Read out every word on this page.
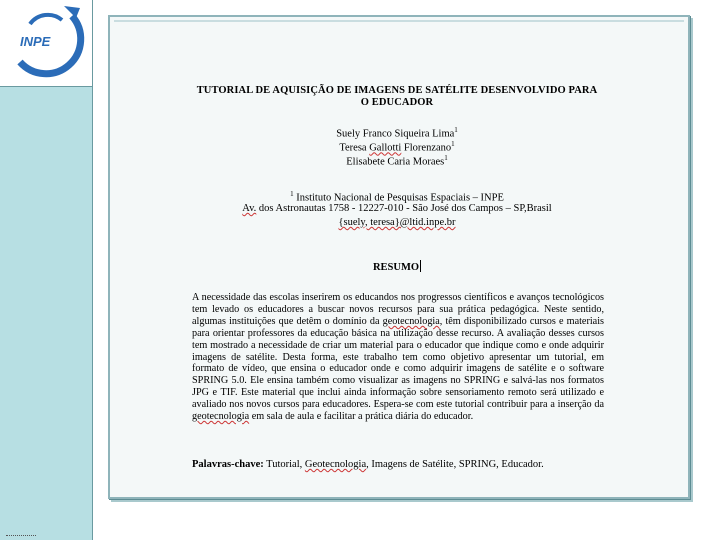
INPE
TUTORIAL DE AQUISIÇÃO DE IMAGENS DE SATÉLITE DESENVOLVIDO PARA O EDUCADOR
Suely Franco Siqueira Lima$^1$
Teresa Gallotti Florenzano$^1$
Elisabete Caria Moraes$^1$
$^1$ Instituto Nacional de Pesquisas Espaciais – INPE
Av. dos Astronautas 1758 - 12227-010 - São José dos Campos – SP,Brasil
{suely, teresa}@ltid.inpe.br
RESUMO

A necessidade das escolas inserirem os educandos nos progressos científicos e avanços tecnológicos tem levado os educadores a buscar novos recursos para sua prática pedagógica. Neste sentido, algumas instituições que detêm o domínio da geotecnologia, têm disponibilizado cursos e materiais para orientar professores da educação básica na utilização desse recurso. A avaliação desses cursos tem mostrado a necessidade de criar um material para o educador que indique como e onde adquirir imagens de satélite. Desta forma, este trabalho tem como objetivo apresentar um tutorial, em formato de vídeo, que ensina o educador onde e como adquirir imagens de satélite e o software SPRING 5.0. Ele ensina também como visualizar as imagens no SPRING e salvá-las nos formatos JPG e TIF. Este material que inclui ainda informação sobre sensoriamento remoto será utilizado e avaliado nos novos cursos para educadores. Espera-se com este tutorial contribuir para a inserção da geotecnologia em sala de aula e facilitar a prática diária do educador.

Palavras-chave: Tutorial, Geotecnologia, Imagens de Satélite, SPRING, Educador.
